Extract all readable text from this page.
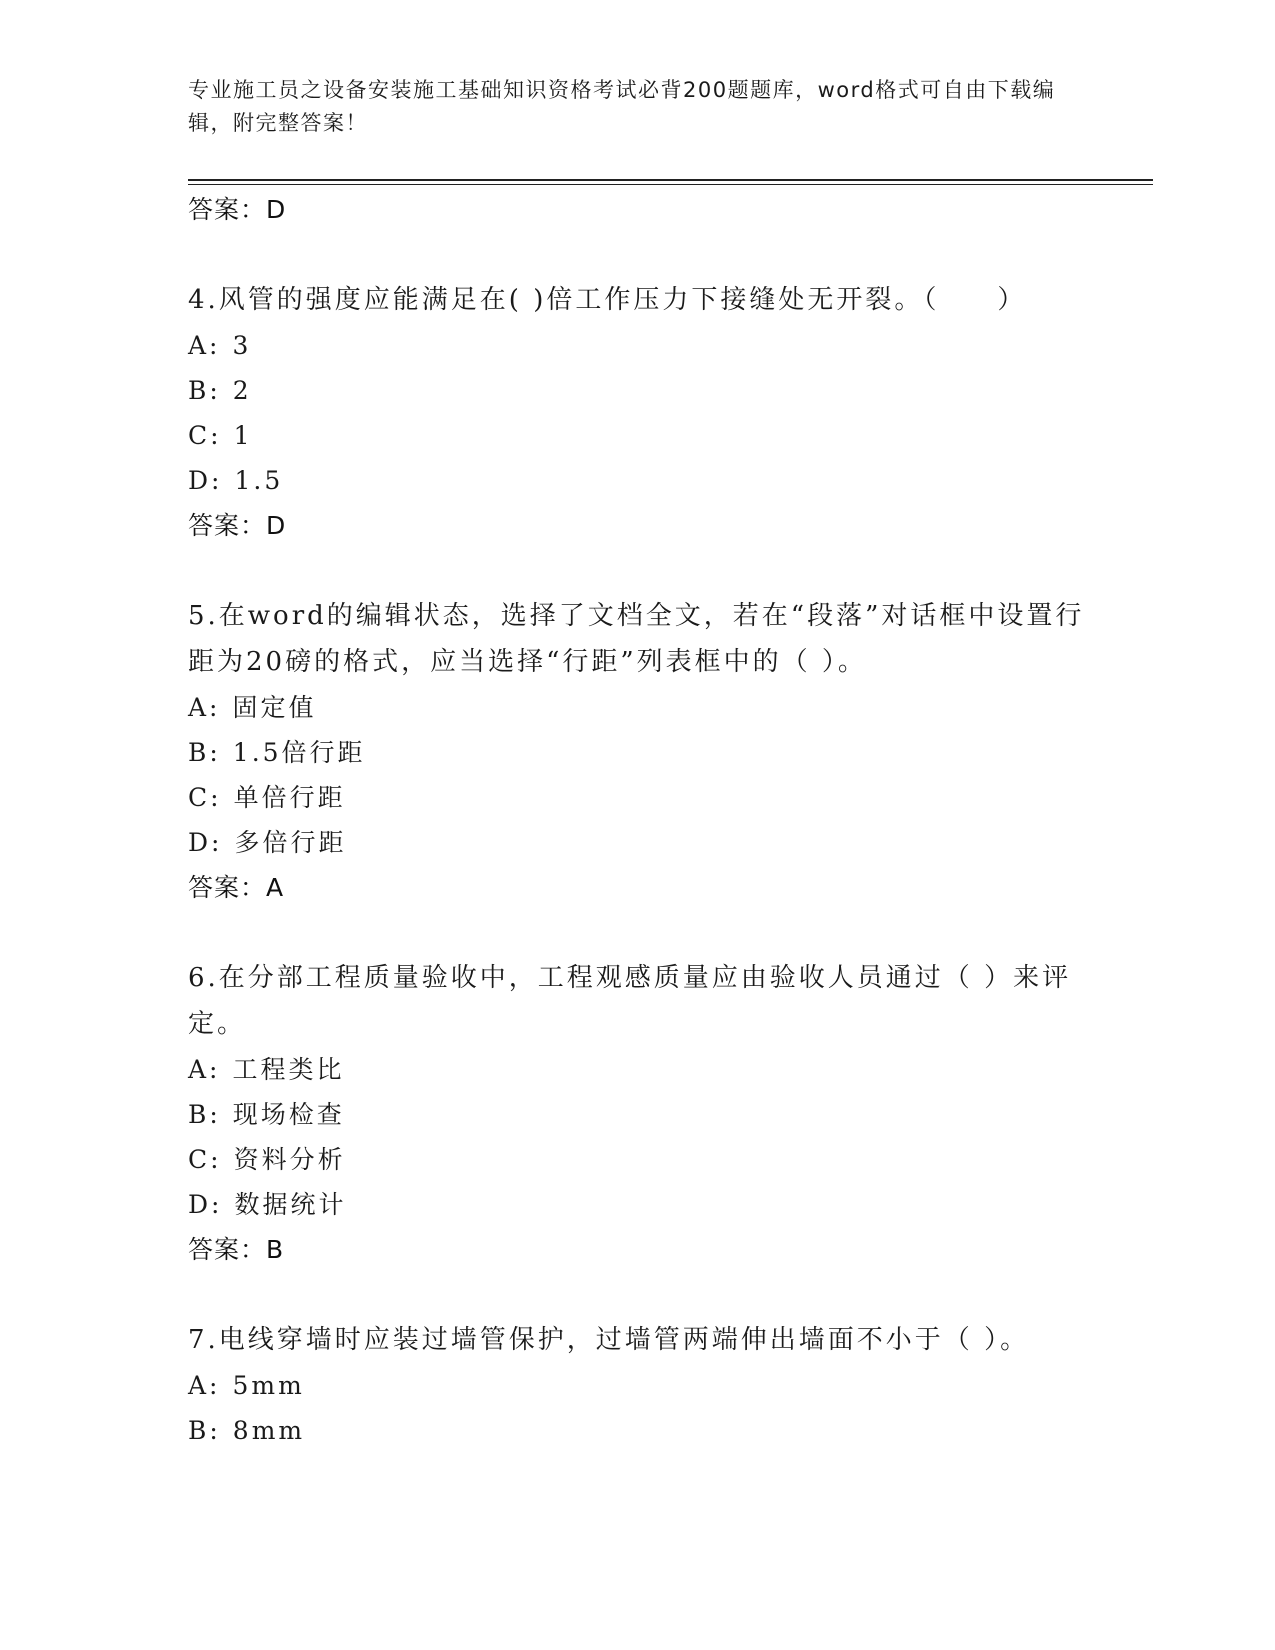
专业施工员之设备安装施工基础知识资格考试必背200题题库，word格式可自由下载编辑，附完整答案！
答案：D
4.风管的强度应能满足在( )倍工作压力下接缝处无开裂。（　　）
A: 3
B: 2
C: 1
D: 1.5
答案：D
5.在word的编辑状态，选择了文档全文，若在“段落”对话框中设置行距为20磅的格式，应当选择“行距”列表框中的（ ）。
A: 固定值
B: 1.5倍行距
C: 单倍行距
D: 多倍行距
答案：A
6.在分部工程质量验收中，工程观感质量应由验收人员通过（ ）来评定。
A: 工程类比
B: 现场检查
C: 资料分析
D: 数据统计
答案：B
7.电线穿墙时应装过墙管保护，过墙管两端伸出墙面不小于（ ）。
A: 5mm
B: 8mm
